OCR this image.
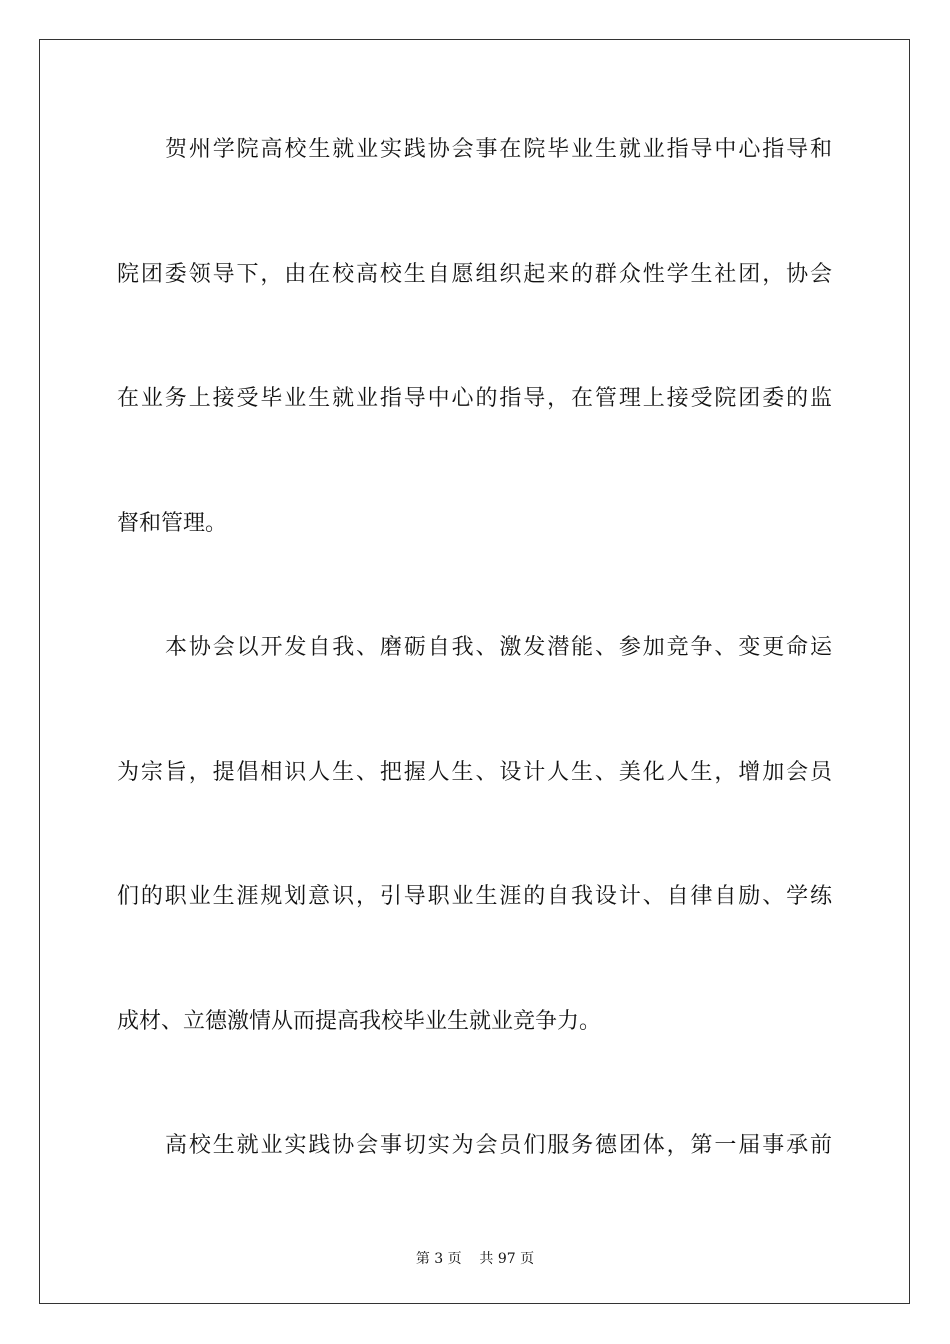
贺州学院高校生就业实践协会事在院毕业生就业指导中心指导和
院团委领导下，由在校高校生自愿组织起来的群众性学生社团，协会
在业务上接受毕业生就业指导中心的指导，在管理上接受院团委的监
督和管理。
本协会以开发自我、磨砺自我、激发潜能、参加竞争、变更命运
为宗旨，提倡相识人生、把握人生、设计人生、美化人生，增加会员
们的职业生涯规划意识，引导职业生涯的自我设计、自律自励、学练
成材、立德激情从而提高我校毕业生就业竞争力。
高校生就业实践协会事切实为会员们服务德团体，第一届事承前
第 3 页    共 97 页
